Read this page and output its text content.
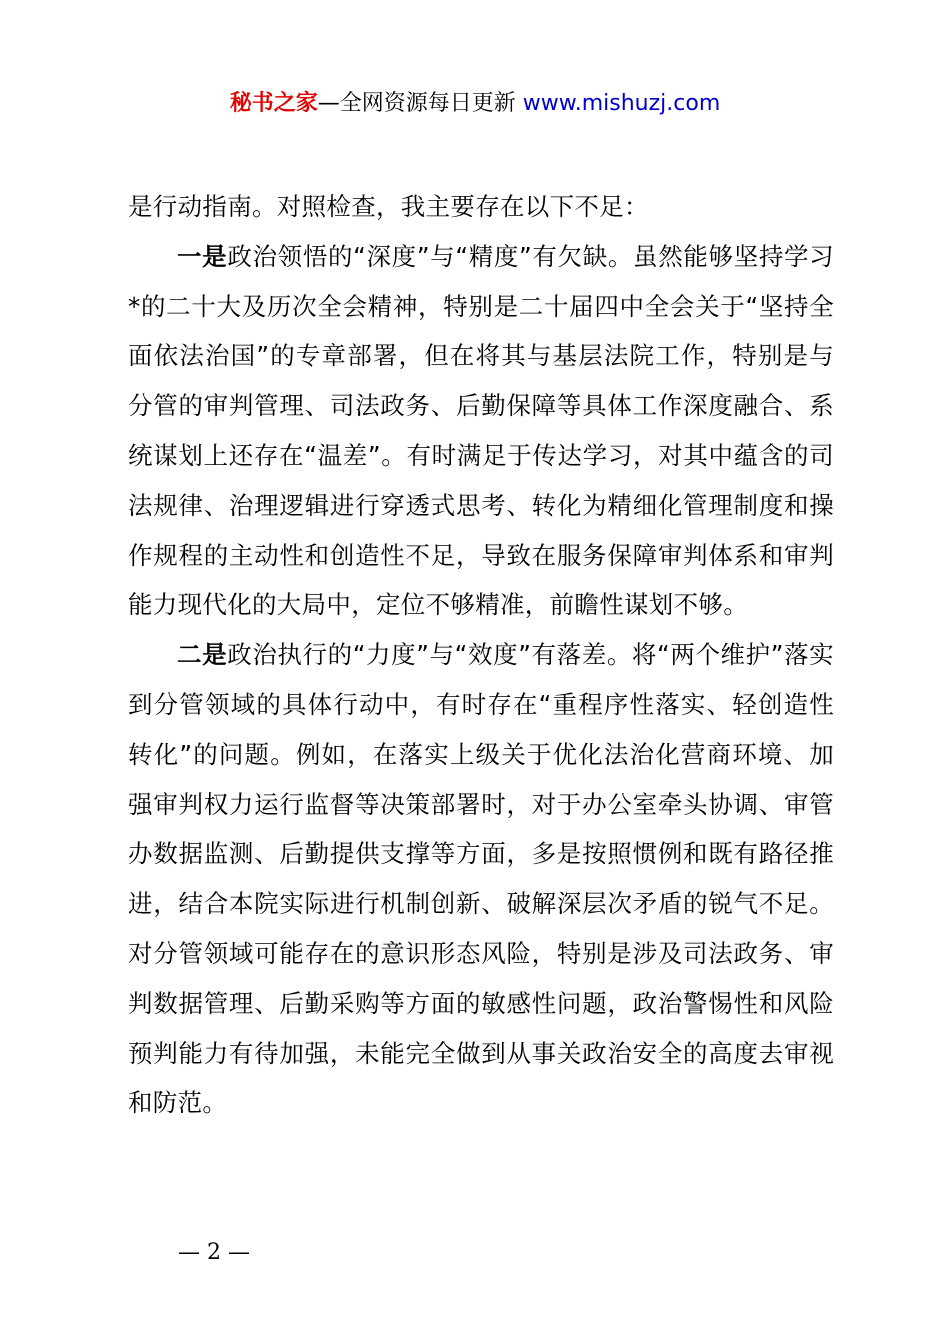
秘书之家—全网资源每日更新 www.mishuzj.com

是行动指南。对照检查，我主要存在以下不足：

一是政治领悟的“深度”与“精度”有欠缺。虽然能够坚持学习*的二十大及历次全会精神，特别是二十届四中全会关于“坚持全面依法治国”的专章部署，但在将其与基层法院工作，特别是与分管的审判管理、司法政务、后勤保障等具体工作深度融合、系统谋划上还存在“温差”。有时满足于传达学习，对其中蕴含的司法规律、治理逻辑进行穿透式思考、转化为精细化管理制度和操作规程的主动性和创造性不足，导致在服务保障审判体系和审判能力现代化的大局中，定位不够精准，前瞻性谋划不够。

二是政治执行的“力度”与“效度”有落差。将“两个维护”落实到分管领域的具体行动中，有时存在“重程序性落实、轻创造性转化”的问题。例如，在落实上级关于优化法治化营商环境、加强审判权力运行监督等决策部署时，对于办公室牵头协调、审管办数据监测、后勤提供支撑等方面，多是按照惯例和既有路径推进，结合本院实际进行机制创新、破解深层次矛盾的锐气不足。对分管领域可能存在的意识形态风险，特别是涉及司法政务、审判数据管理、后勤采购等方面的敏感性问题，政治警惕性和风险预判能力有待加强，未能完全做到从事关政治安全的高度去审视和防范。

— 2 —
